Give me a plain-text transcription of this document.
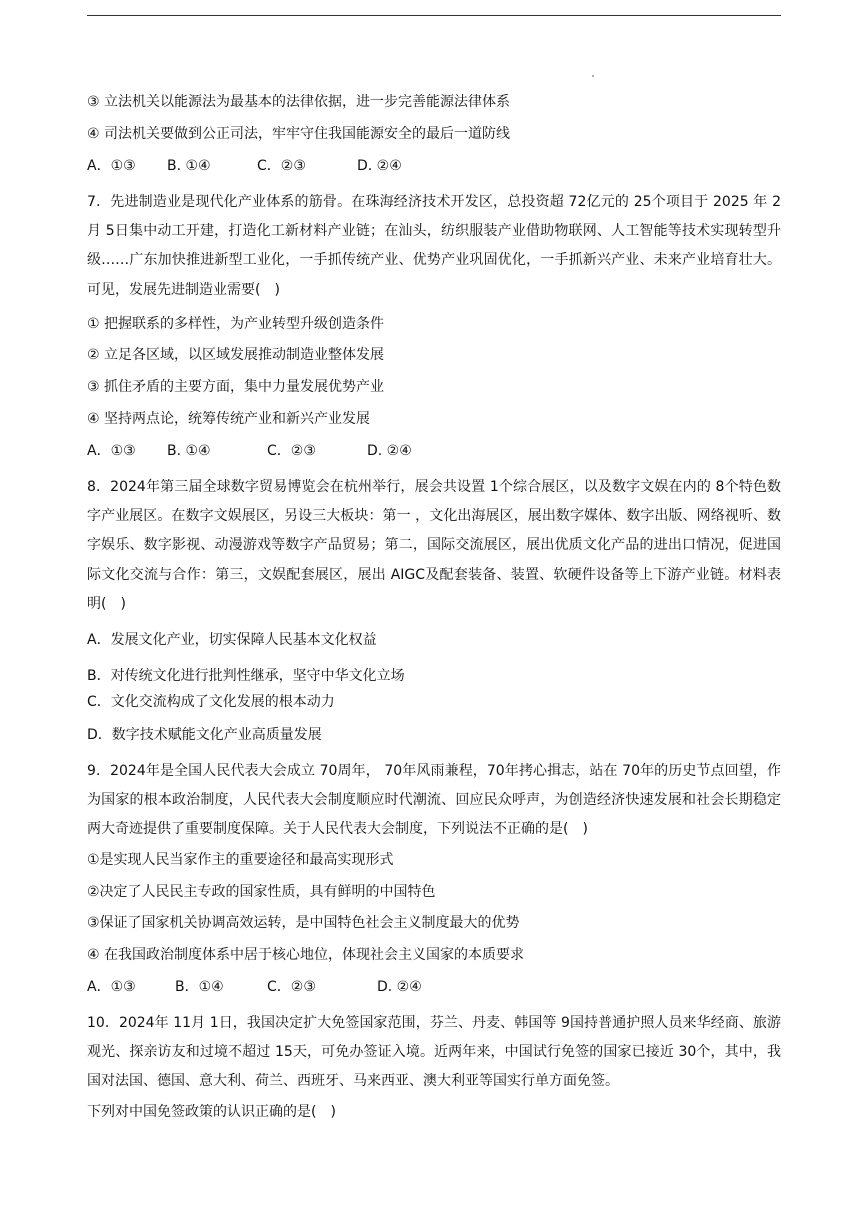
③ 立法机关以能源法为最基本的法律依据，进一步完善能源法律体系
④ 司法机关要做到公正司法，牢牢守住我国能源安全的最后一道防线
A．①③ B. ①④	C．②③	D. ②④
7．先进制造业是现代化产业体系的筋骨。在珠海经济技术开发区，总投资超 72亿元的 25个项目于 2025 年 2月 5日集中动工开建，打造化工新材料产业链；在汕头，纺织服装产业借助物联网、人工智能等技术实现转型升级……广东加快推进新型工业化，一手抓传统产业、优势产业巩固优化，一手抓新兴产业、未来产业培育壮大。可见，发展先进制造业需要(　)
① 把握联系的多样性，为产业转型升级创造条件
② 立足各区域，以区域发展推动制造业整体发展
③ 抓住矛盾的主要方面，集中力量发展优势产业
④ 坚持两点论，统筹传统产业和新兴产业发展
A．①③ B. ①④	C．②③	D. ②④
8．2024年第三届全球数字贸易博览会在杭州举行，展会共设置 1个综合展区，以及数字文娱在内的 8个特色数字产业展区。在数字文娱展区，另设三大板块：第一 ，文化出海展区，展出数字媒体、数字出版、网络视听、数字娱乐、数字影视、动漫游戏等数字产品贸易；第二，国际交流展区，展出优质文化产品的进出口情况，促进国际文化交流与合作：第三，文娱配套展区，展出 AIGC及配套装备、装置、软硬件设备等上下游产业链。材料表明(　)
A．发展文化产业，切实保障人民基本文化权益
B．对传统文化进行批判性继承，坚守中华文化立场
C．文化交流构成了文化发展的根本动力
D．数字技术赋能文化产业高质量发展
9．2024年是全国人民代表大会成立 70周年， 70年风雨兼程，70年拷心揖志，站在 70年的历史节点回望，作为国家的根本政治制度，人民代表大会制度顺应时代潮流、回应民众呼声，为创造经济快速发展和社会长期稳定两大奇迹提供了重要制度保障。关于人民代表大会制度，下列说法不正确的是(　)
①是实现人民当家作主的重要途径和最高实现形式
②决定了人民民主专政的国家性质，具有鲜明的中国特色
③保证了国家机关协调高效运转，是中国特色社会主义制度最大的优势
④ 在我国政治制度体系中居于核心地位，体现社会主义国家的本质要求
A．①③	B．①④	C．②③	D. ②④
10．2024年 11月 1日，我国决定扩大免签国家范围，芬兰、丹麦、韩国等 9国持普通护照人员来华经商、旅游观光、探亲访友和过境不超过 15天，可免办签证入境。近两年来，中国试行免签的国家已接近 30个，其中，我国对法国、德国、意大利、荷兰、西班牙、马来西亚、澳大利亚等国实行单方面免签。
下列对中国免签政策的认识正确的是(　)
